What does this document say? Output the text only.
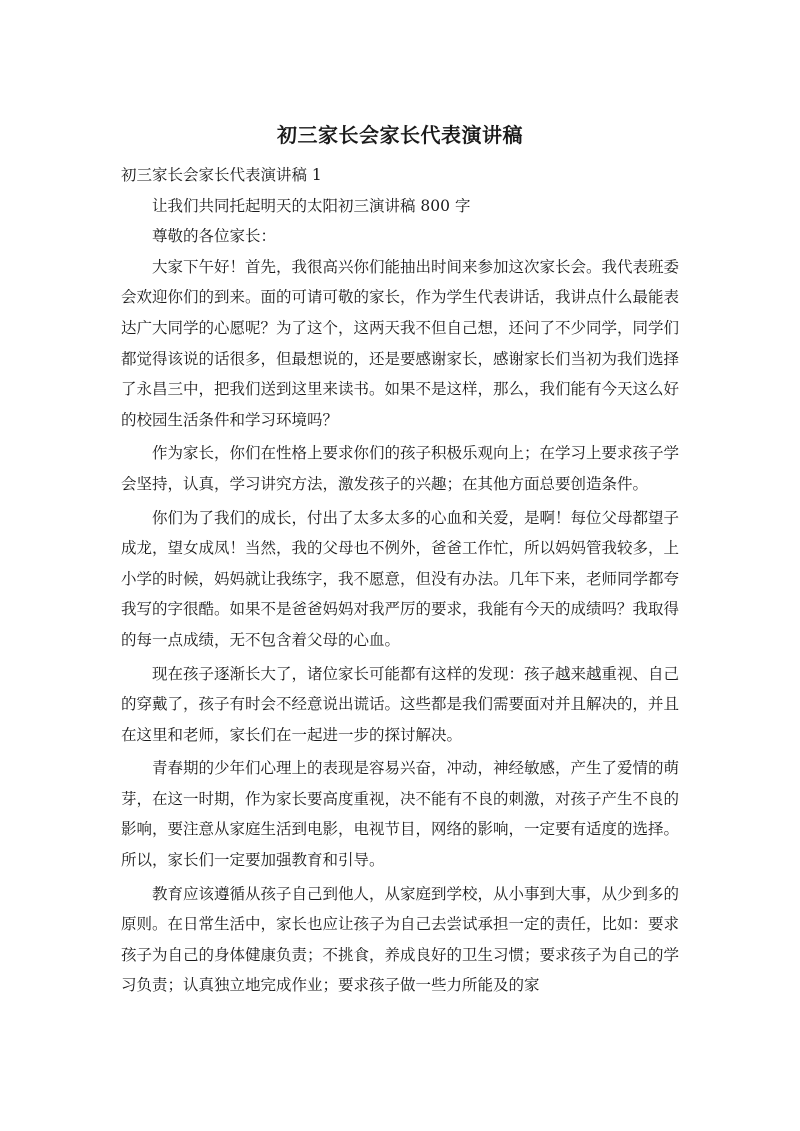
初三家长会家长代表演讲稿

初三家长会家长代表演讲稿 1

让我们共同托起明天的太阳初三演讲稿 800 字

尊敬的各位家长：

大家下午好！首先，我很高兴你们能抽出时间来参加这次家长会。我代表班委会欢迎你们的到来。面的可请可敬的家长，作为学生代表讲话，我讲点什么最能表达广大同学的心愿呢？为了这个，这两天我不但自己想，还问了不少同学，同学们都觉得该说的话很多，但最想说的，还是要感谢家长，感谢家长们当初为我们选择了永昌三中，把我们送到这里来读书。如果不是这样，那么，我们能有今天这么好的校园生活条件和学习环境吗？

作为家长，你们在性格上要求你们的孩子积极乐观向上；在学习上要求孩子学会坚持，认真，学习讲究方法，激发孩子的兴趣；在其他方面总要创造条件。

你们为了我们的成长，付出了太多太多的心血和关爱，是啊！每位父母都望子成龙，望女成凤！当然，我的父母也不例外，爸爸工作忙，所以妈妈管我较多，上小学的时候，妈妈就让我练字，我不愿意，但没有办法。几年下来，老师同学都夸我写的字很酷。如果不是爸爸妈妈对我严厉的要求，我能有今天的成绩吗？我取得的每一点成绩，无不包含着父母的心血。

现在孩子逐渐长大了，诸位家长可能都有这样的发现：孩子越来越重视、自己的穿戴了，孩子有时会不经意说出谎话。这些都是我们需要面对并且解决的，并且在这里和老师，家长们在一起进一步的探讨解决。

青春期的少年们心理上的表现是容易兴奋，冲动，神经敏感，产生了爱情的萌芽，在这一时期，作为家长要高度重视，决不能有不良的刺激，对孩子产生不良的影响，要注意从家庭生活到电影，电视节目，网络的影响，一定要有适度的选择。所以，家长们一定要加强教育和引导。

教育应该遵循从孩子自己到他人，从家庭到学校，从小事到大事，从少到多的原则。在日常生活中，家长也应让孩子为自己去尝试承担一定的责任，比如：要求孩子为自己的身体健康负责；不挑食，养成良好的卫生习惯；要求孩子为自己的学习负责；认真独立地完成作业；要求孩子做一些力所能及的家
